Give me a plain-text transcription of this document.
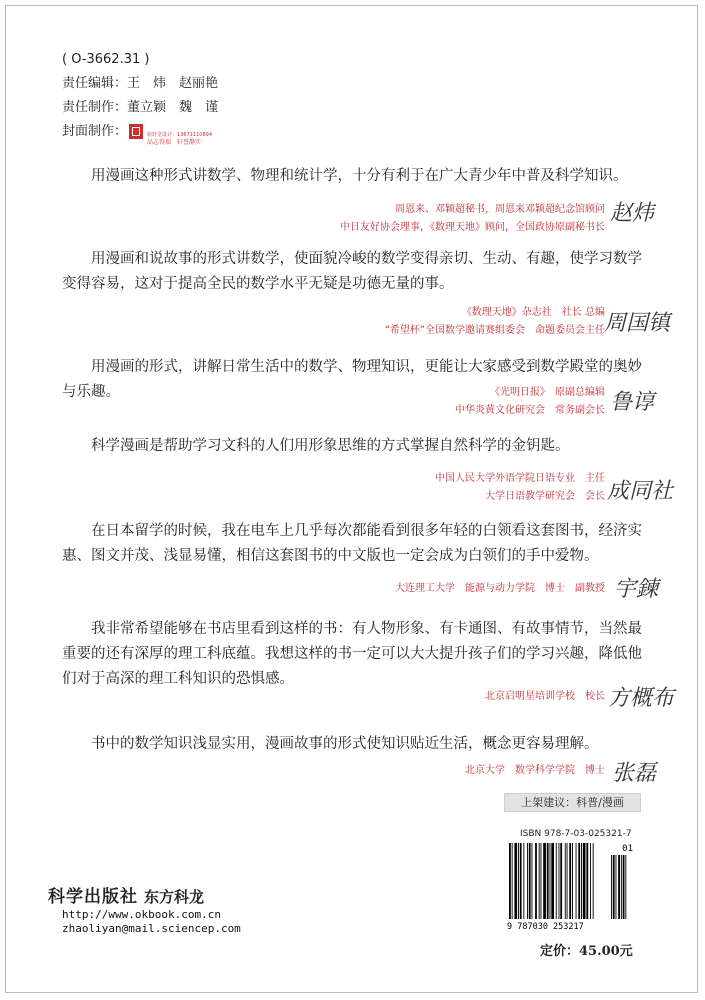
( O-3662.31 )
责任编辑：王　炜　赵丽艳
责任制作：董立颖　魏　谨
封面制作：	铭轩堂设计：13671110894
品志得瑞　轩誉静实
用漫画这种形式讲数学、物理和统计学，十分有利于在广大青少年中普及科学知识。
周恩来、邓颖超秘书，周恩来邓颖超纪念馆顾问
中日友好协会理事，《数理天地》顾问，全国政协原副秘书长
赵炜
用漫画和说故事的形式讲数学，使面貌冷峻的数学变得亲切、生动、有趣，使学习数学变得容易，这对于提高全民的数学水平无疑是功德无量的事。
《数理天地》杂志社　社长 总编
“希望杯”全国数学邀请赛组委会　命题委员会主任 周国镇
用漫画的形式，讲解日常生活中的数学、物理知识，更能让大家感受到数学殿堂的奥妙与乐趣。	《光明日报》　原副总编辑
中华炎黄文化研究会　常务副会长 鲁谆
科学漫画是帮助学习文科的人们用形象思维的方式掌握自然科学的金钥匙。
中国人民大学外语学院日语专业　主任
大学日语教学研究会　会长 成同社
在日本留学的时候，我在电车上几乎每次都能看到很多年轻的白领看这套图书，经济实惠、图文并茂、浅显易懂，相信这套图书的中文版也一定会成为白领们的手中爱物。
大连理工大学　能源与动力学院　博士　副教授 宇鍊
我非常希望能够在书店里看到这样的书：有人物形象、有卡通图、有故事情节，当然最重要的还有深厚的理工科底蕴。我想这样的书一定可以大大提升孩子们的学习兴趣，降低他们对于高深的理工科知识的恐惧感。
北京启明星培训学校　校长 方概布
书中的数学知识浅显实用，漫画故事的形式使知识贴近生活，概念更容易理解。
北京大学　数学科学学院　博士 张磊
上架建议：科普/漫画
ISBN 978-7-03-025321-7
01
9 787030 253217
定价：45.00元
科学出版社 东方科龙
http://www.okbook.com.cn
zhaoliyan@mail.sciencep.com
